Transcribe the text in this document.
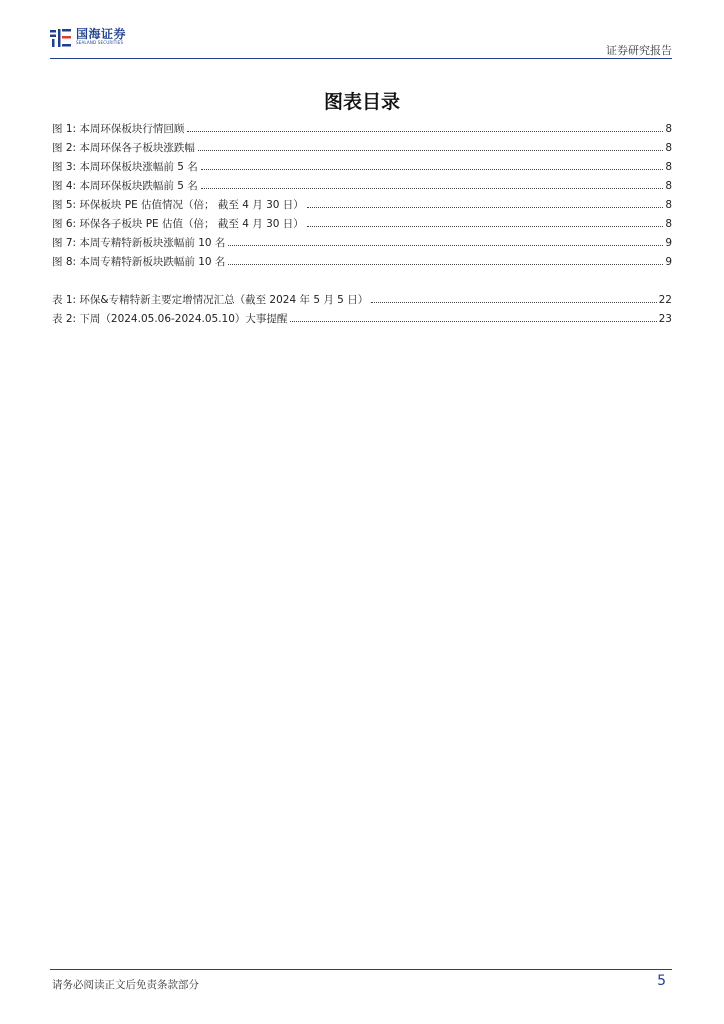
国海证券
SEALAND SECURITIES
证券研究报告
图表目录
图 1: 本周环保板块行情回顾	8
图 2: 本周环保各子板块涨跌幅	8
图 3: 本周环保板块涨幅前 5 名	8
图 4: 本周环保板块跌幅前 5 名	8
图 5: 环保板块 PE 估值情况（倍； 截至 4 月 30 日）	8
图 6: 环保各子板块 PE 估值（倍； 截至 4 月 30 日）	8
图 7: 本周专精特新板块涨幅前 10 名	9
图 8: 本周专精特新板块跌幅前 10 名	9
表 1: 环保&专精特新主要定增情况汇总（截至 2024 年 5 月 5 日）	22
表 2: 下周（2024.05.06-2024.05.10）大事提醒	23
请务必阅读正文后免责条款部分	5
